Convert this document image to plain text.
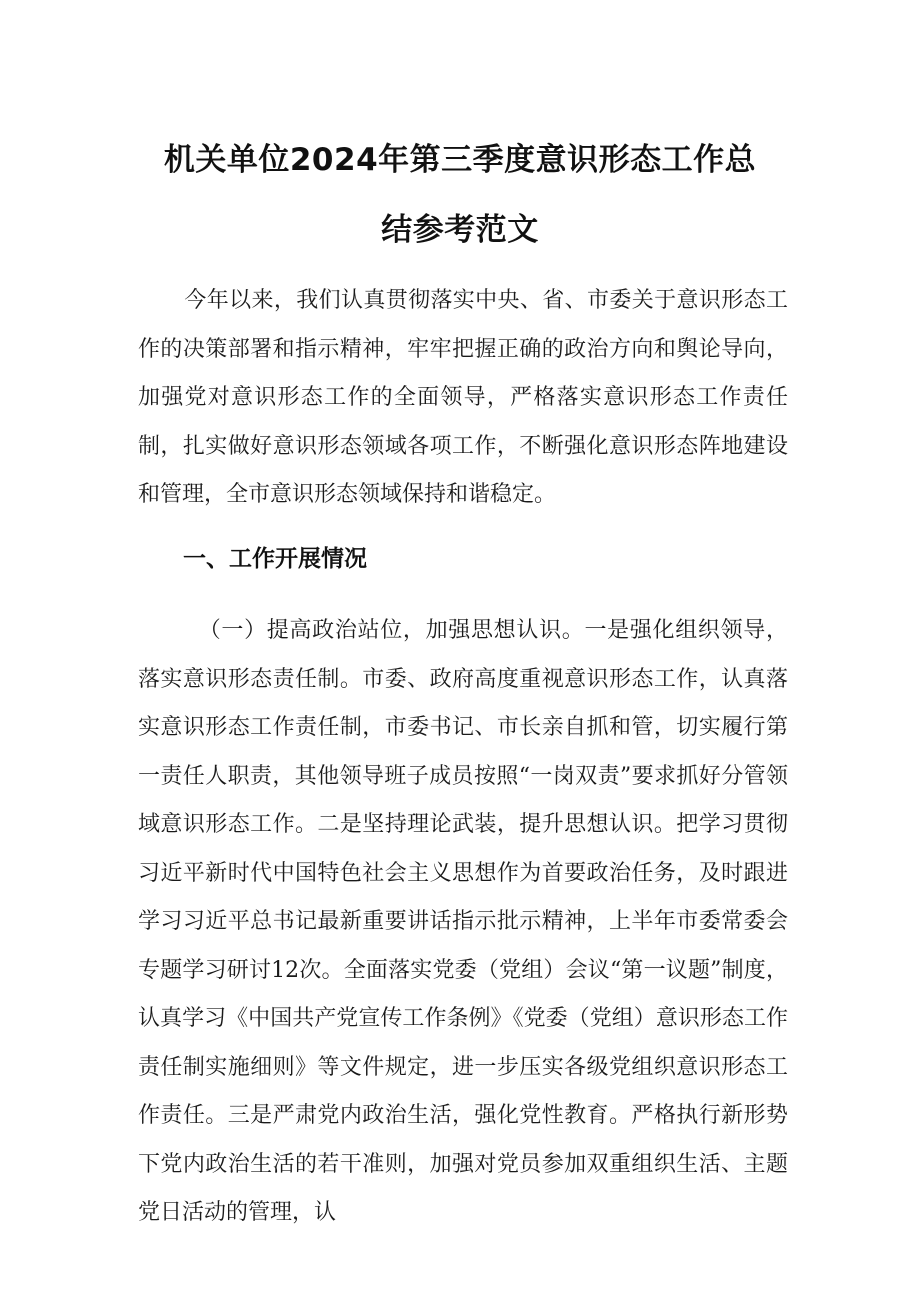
机关单位2024年第三季度意识形态工作总
结参考范文
今年以来，我们认真贯彻落实中央、省、市委关于意识形态工作的决策部署和指示精神，牢牢把握正确的政治方向和舆论导向，加强党对意识形态工作的全面领导，严格落实意识形态工作责任制，扎实做好意识形态领域各项工作，不断强化意识形态阵地建设和管理，全市意识形态领域保持和谐稳定。
一、工作开展情况
（一）提高政治站位，加强思想认识。一是强化组织领导，落实意识形态责任制。市委、政府高度重视意识形态工作，认真落实意识形态工作责任制，市委书记、市长亲自抓和管，切实履行第一责任人职责，其他领导班子成员按照“一岗双责”要求抓好分管领域意识形态工作。二是坚持理论武装，提升思想认识。把学习贯彻习近平新时代中国特色社会主义思想作为首要政治任务，及时跟进学习习近平总书记最新重要讲话指示批示精神，上半年市委常委会专题学习研讨12次。全面落实党委（党组）会议“第一议题”制度，认真学习《中国共产党宣传工作条例》《党委（党组）意识形态工作责任制实施细则》等文件规定，进一步压实各级党组织意识形态工作责任。三是严肃党内政治生活，强化党性教育。严格执行新形势下党内政治生活的若干准则，加强对党员参加双重组织生活、主题党日活动的管理，认
